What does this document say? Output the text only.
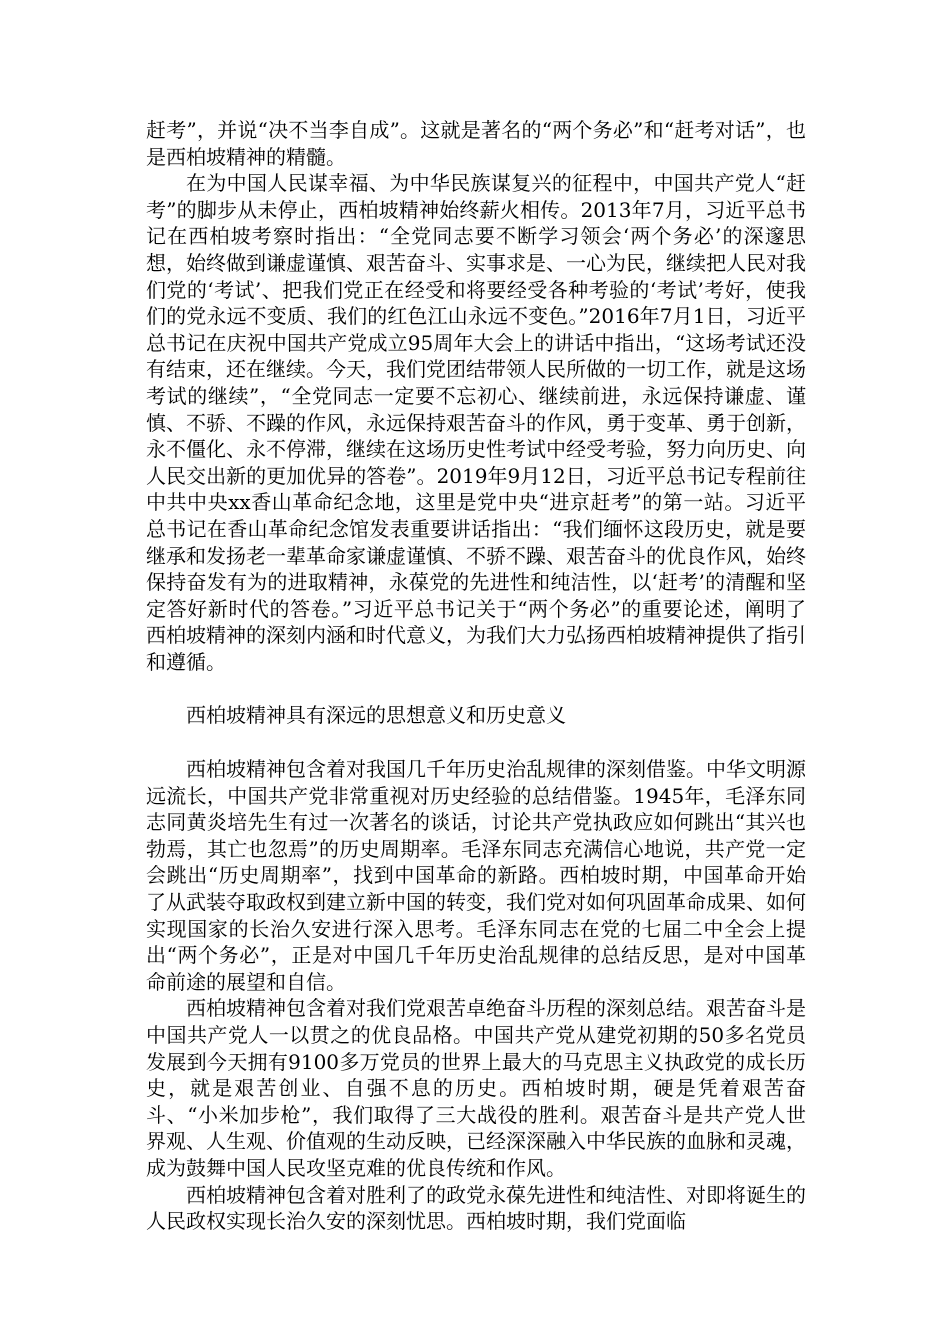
赶考”，并说“决不当李自成”。这就是著名的“两个务必”和“赶考对话”，也是西柏坡精神的精髓。

在为中国人民谋幸福、为中华民族谋复兴的征程中，中国共产党人“赶考”的脚步从未停止，西柏坡精神始终薪火相传。2013年7月，习近平总书记在西柏坡考察时指出：“全党同志要不断学习领会‘两个务必’的深邃思想，始终做到谦虚谨慎、艰苦奋斗、实事求是、一心为民，继续把人民对我们党的‘考试’、把我们党正在经受和将要经受各种考验的‘考试’考好，使我们的党永远不变质、我们的红色江山永远不变色。”2016年7月1日，习近平总书记在庆祝中国共产党成立95周年大会上的讲话中指出，“这场考试还没有结束，还在继续。今天，我们党团结带领人民所做的一切工作，就是这场考试的继续”，“全党同志一定要不忘初心、继续前进，永远保持谦虚、谨慎、不骄、不躁的作风，永远保持艰苦奋斗的作风，勇于变革、勇于创新，永不僵化、永不停滞，继续在这场历史性考试中经受考验，努力向历史、向人民交出新的更加优异的答卷”。2019年9月12日，习近平总书记专程前往中共中央xx香山革命纪念地，这里是党中央“进京赶考”的第一站。习近平总书记在香山革命纪念馆发表重要讲话指出：“我们缅怀这段历史，就是要继承和发扬老一辈革命家谦虚谨慎、不骄不躁、艰苦奋斗的优良作风，始终保持奋发有为的进取精神，永葆党的先进性和纯洁性，以‘赶考’的清醒和坚定答好新时代的答卷。”习近平总书记关于“两个务必”的重要论述，阐明了西柏坡精神的深刻内涵和时代意义，为我们大力弘扬西柏坡精神提供了指引和遵循。

西柏坡精神具有深远的思想意义和历史意义

西柏坡精神包含着对我国几千年历史治乱规律的深刻借鉴。中华文明源远流长，中国共产党非常重视对历史经验的总结借鉴。1945年，毛泽东同志同黄炎培先生有过一次著名的谈话，讨论共产党执政应如何跳出“其兴也勃焉，其亡也忽焉”的历史周期率。毛泽东同志充满信心地说，共产党一定会跳出“历史周期率”，找到中国革命的新路。西柏坡时期，中国革命开始了从武装夺取政权到建立新中国的转变，我们党对如何巩固革命成果、如何实现国家的长治久安进行深入思考。毛泽东同志在党的七届二中全会上提出“两个务必”，正是对中国几千年历史治乱规律的总结反思，是对中国革命前途的展望和自信。

西柏坡精神包含着对我们党艰苦卓绝奋斗历程的深刻总结。艰苦奋斗是中国共产党人一以贯之的优良品格。中国共产党从建党初期的50多名党员发展到今天拥有9100多万党员的世界上最大的马克思主义执政党的成长历史，就是艰苦创业、自强不息的历史。西柏坡时期，硬是凭着艰苦奋斗、“小米加步枪”，我们取得了三大战役的胜利。艰苦奋斗是共产党人世界观、人生观、价值观的生动反映，已经深深融入中华民族的血脉和灵魂，成为鼓舞中国人民攻坚克难的优良传统和作风。

西柏坡精神包含着对胜利了的政党永葆先进性和纯洁性、对即将诞生的人民政权实现长治久安的深刻忧思。西柏坡时期，我们党面临
